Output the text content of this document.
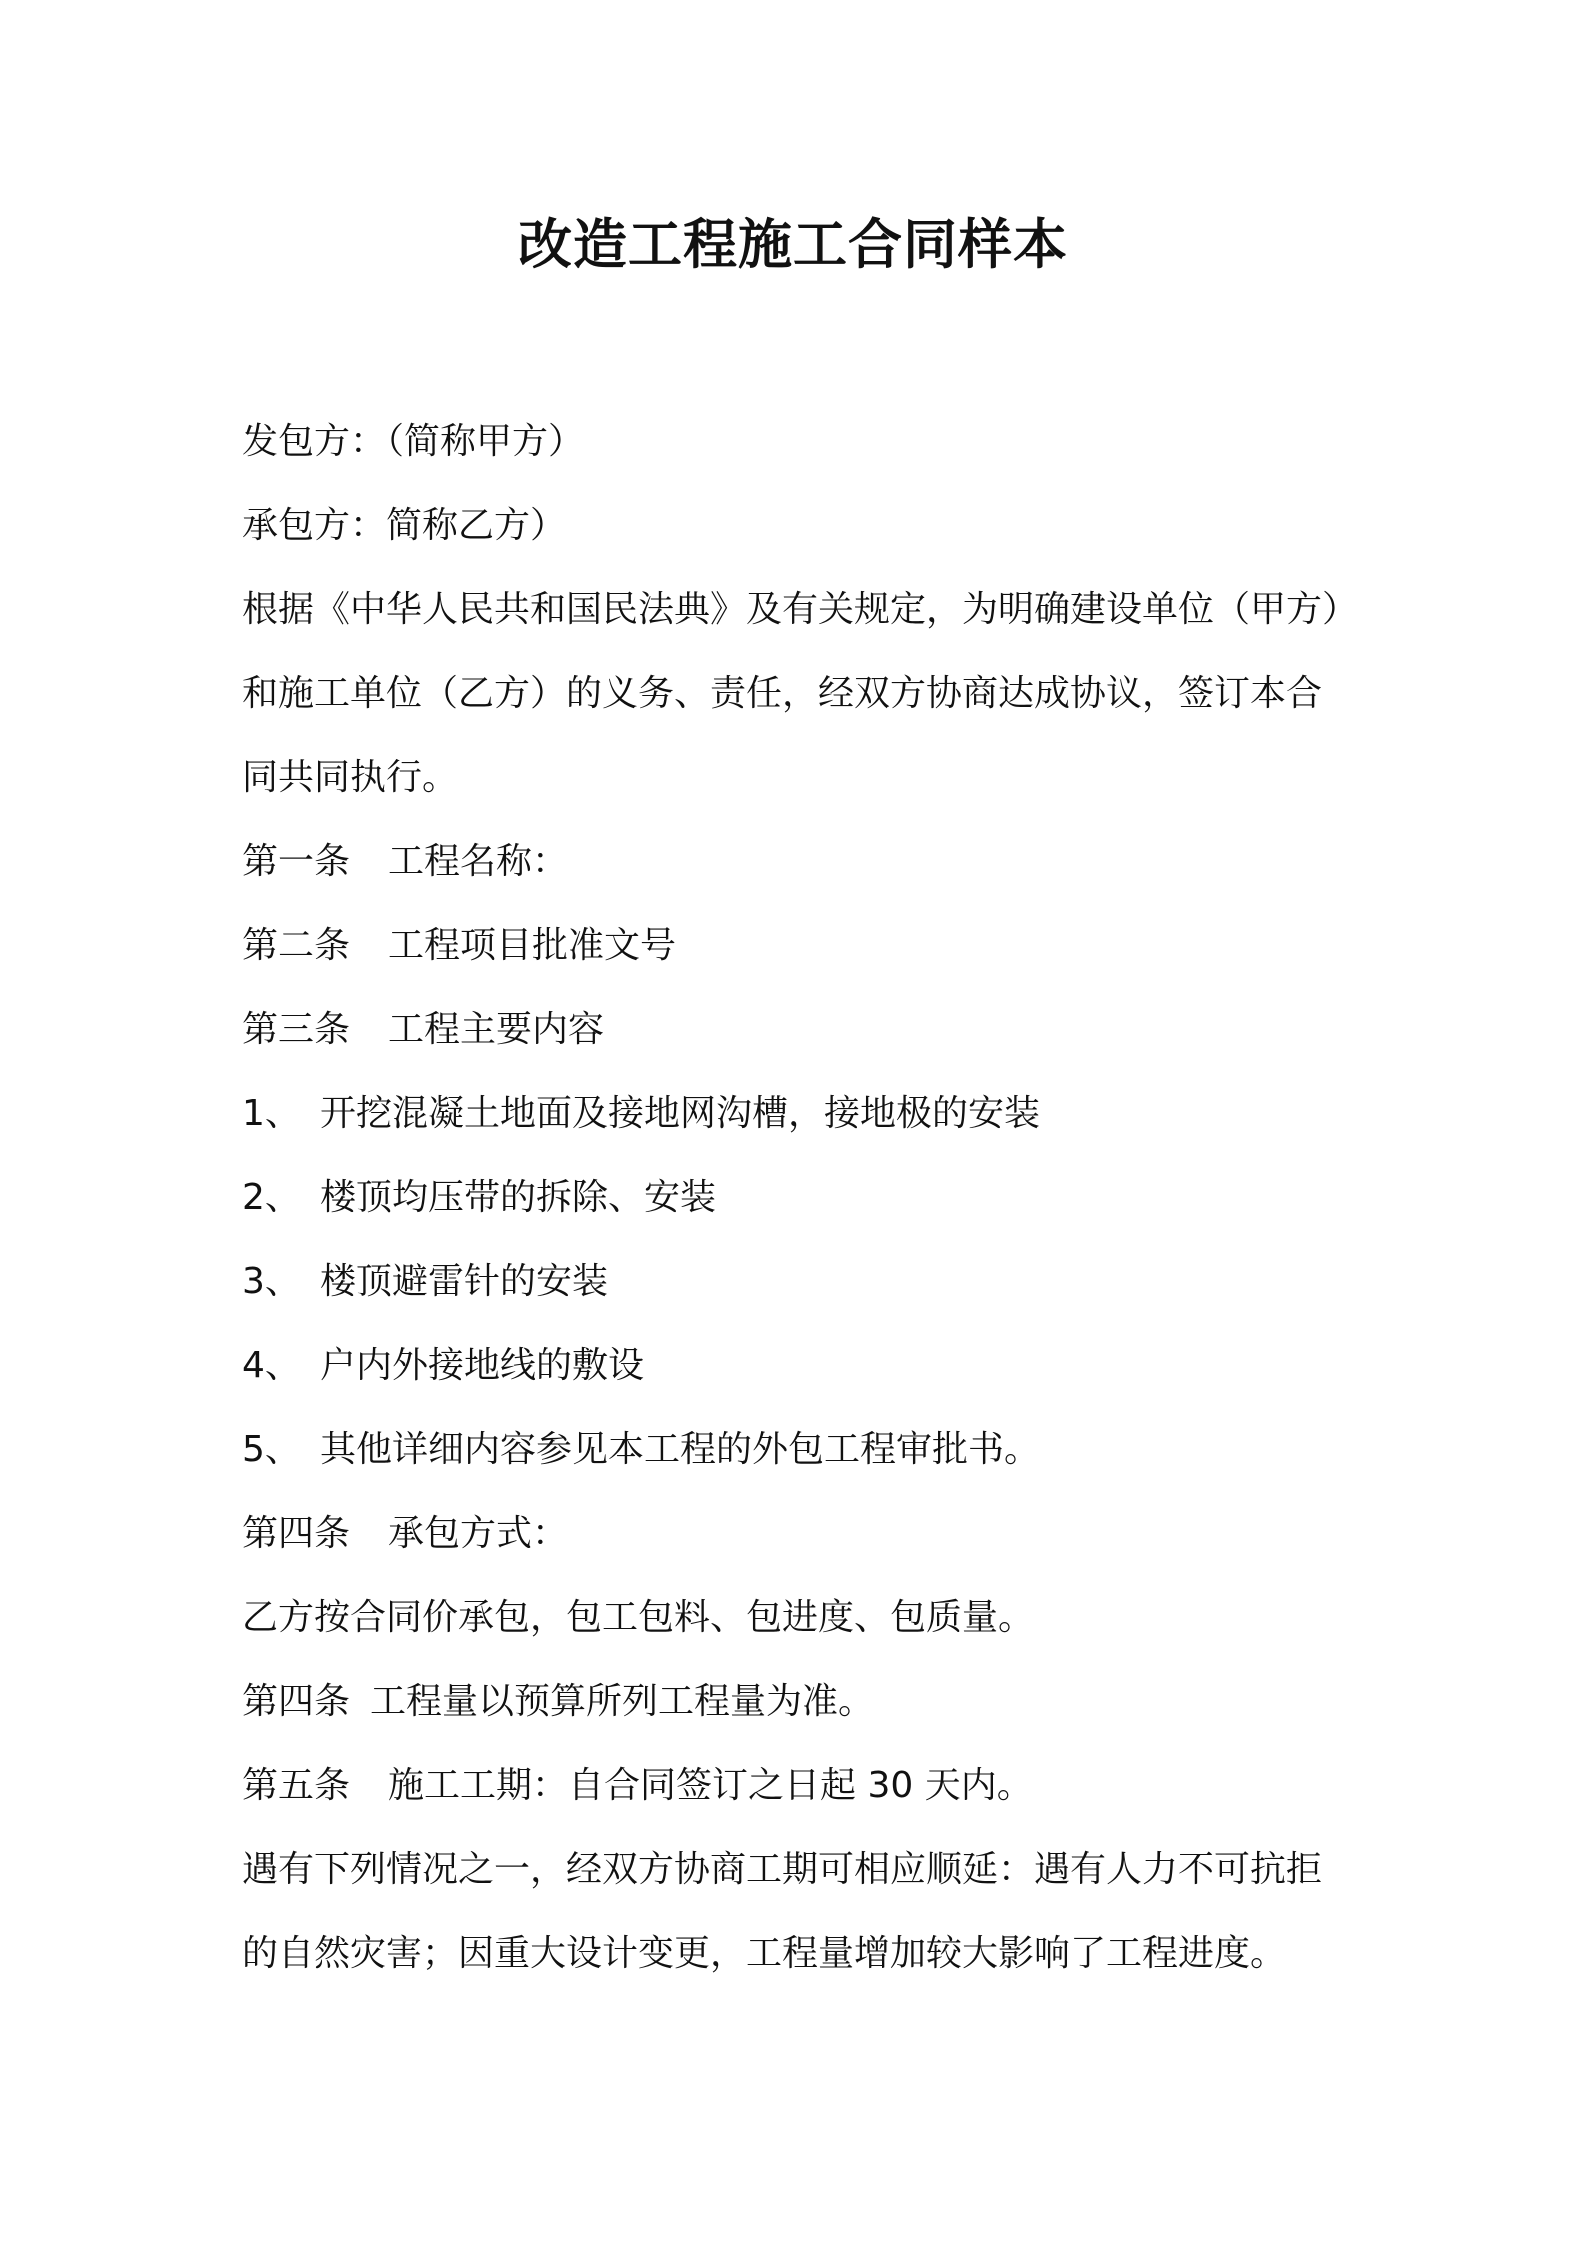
改造工程施工合同样本
发包方：（简称甲方）
承包方：简称乙方）
根据《中华人民共和国民法典》及有关规定，为明确建设单位（甲方）
和施工单位（乙方）的义务、责任，经双方协商达成协议，签订本合
同共同执行。
第一条 工程名称：
第二条 工程项目批准文号
第三条 工程主要内容
1、 开挖混凝土地面及接地网沟槽，接地极的安装
2、 楼顶均压带的拆除、安装
3、 楼顶避雷针的安装
4、 户内外接地线的敷设
5、 其他详细内容参见本工程的外包工程审批书。
第四条 承包方式：
乙方按合同价承包，包工包料、包进度、包质量。
第四条 工程量以预算所列工程量为准。
第五条 施工工期：自合同签订之日起 30 天内。
遇有下列情况之一，经双方协商工期可相应顺延：遇有人力不可抗拒
的自然灾害；因重大设计变更，工程量增加较大影响了工程进度。
